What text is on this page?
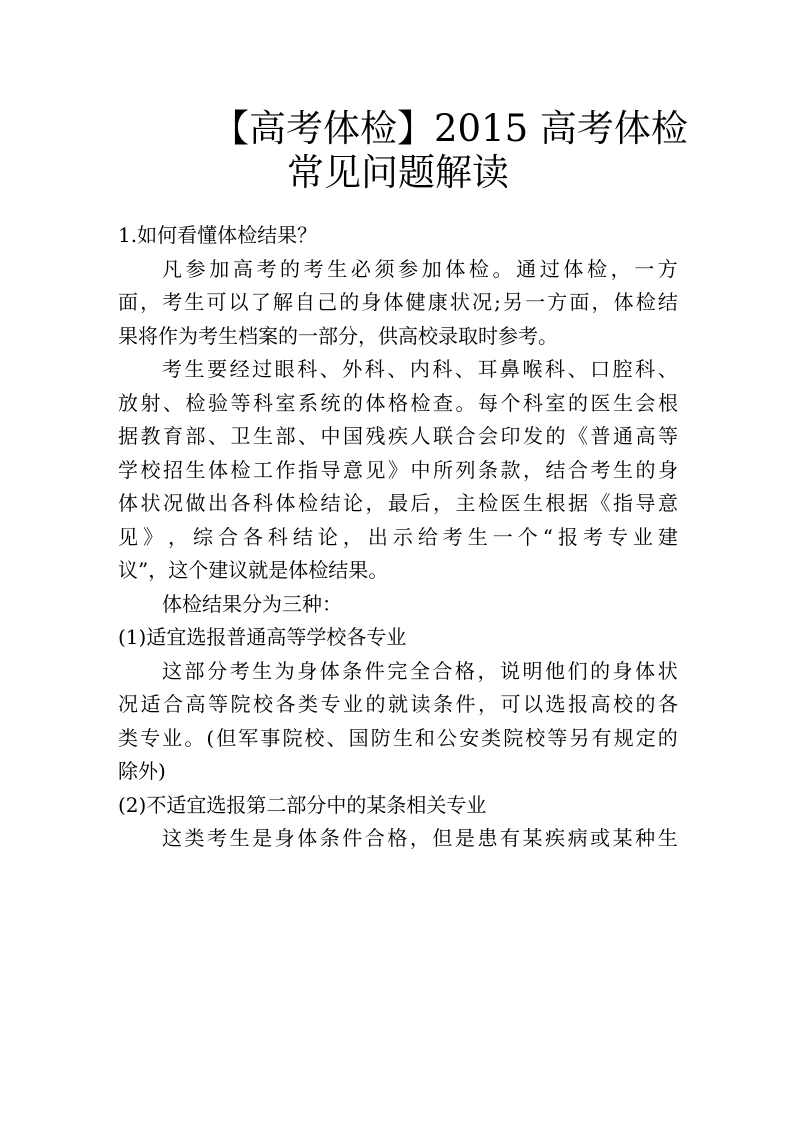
【高考体检】2015 高考体检
常见问题解读
1.如何看懂体检结果？
凡 参 加 高 考 的 考 生 必 须 参 加 体 检 。 通 过 体 检 ， 一 方
面 ， 考 生 可 以 了 解 自 己 的 身 体 健 康 状 况 ; 另 一 方 面 ， 体 检 结
果将作为考生档案的一部分，供高校录取时参考。
考 生 要 经 过 眼 科 、 外 科 、 内 科 、 耳 鼻 喉 科 、 口 腔 科 、
放 射 、 检 验 等 科 室 系 统 的 体 格 检 查 。 每 个 科 室 的 医 生 会 根
据 教 育 部 、 卫 生 部 、 中 国 残 疾 人 联 合 会 印 发 的 《 普 通 高 等
学 校 招 生 体 检 工 作 指 导 意 见 》 中 所 列 条 款 ， 结 合 考 生 的 身
体 状 况 做 出 各 科 体 检 结 论 ， 最 后 ， 主 检 医 生 根 据 《 指 导 意
见 》 ， 综 合 各 科 结 论 ， 出 示 给 考 生 一 个 “ 报 考 专 业 建
议”，这个建议就是体检结果。
体检结果分为三种：
(1)适宜选报普通高等学校各专业
这 部 分 考 生 为 身 体 条 件 完 全 合 格 ， 说 明 他 们 的 身 体 状
况 适 合 高 等 院 校 各 类 专 业 的 就 读 条 件 ， 可 以 选 报 高 校 的 各
类 专 业 。 ( 但 军 事 院 校 、 国 防 生 和 公 安 类 院 校 等 另 有 规 定 的
除外)
(2)不适宜选报第二部分中的某条相关专业
这 类 考 生 是 身 体 条 件 合 格 ， 但 是 患 有 某 疾 病 或 某 种 生
